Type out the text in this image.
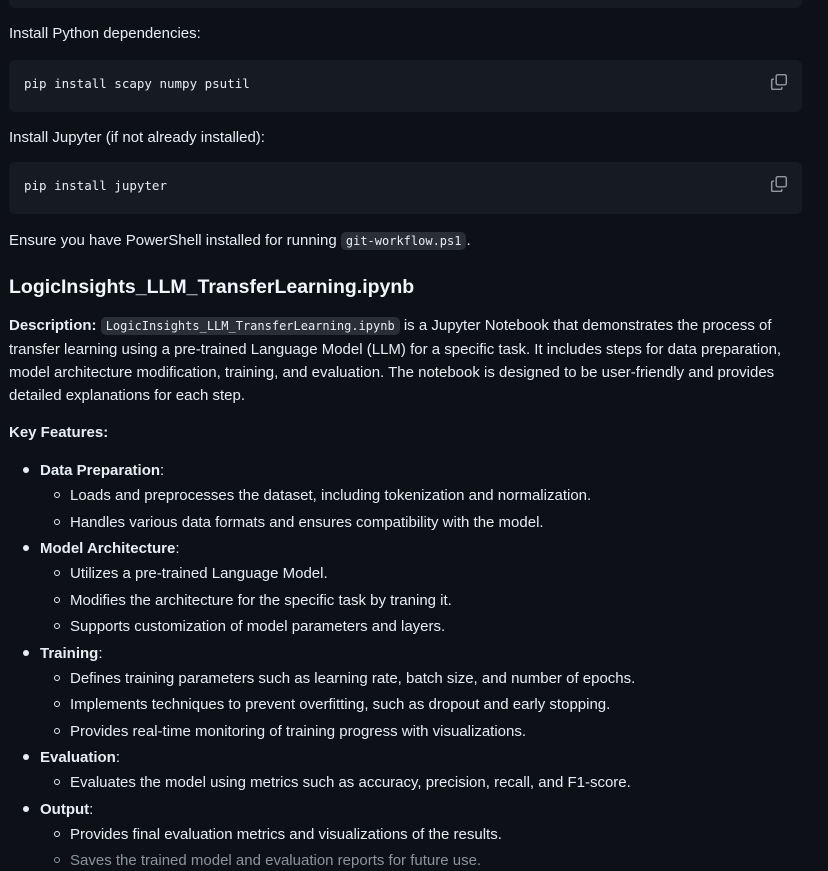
Install Python dependencies:

pip install scapy numpy psutil

Install Jupyter (if not already installed):

pip install jupyter

Ensure you have PowerShell installed for running git-workflow.ps1 .

LogicInsights_LLM_TransferLearning.ipynb

Description: LogicInsights_LLM_TransferLearning.ipynb is a Jupyter Notebook that demonstrates the process of transfer learning using a pre-trained Language Model (LLM) for a specific task. It includes steps for data preparation, model architecture modification, training, and evaluation. The notebook is designed to be user-friendly and provides detailed explanations for each step.

Key Features:

Data Preparation:
Loads and preprocesses the dataset, including tokenization and normalization.
Handles various data formats and ensures compatibility with the model.
Model Architecture:
Utilizes a pre-trained Language Model.
Modifies the architecture for the specific task by traning it.
Supports customization of model parameters and layers.
Training:
Defines training parameters such as learning rate, batch size, and number of epochs.
Implements techniques to prevent overfitting, such as dropout and early stopping.
Provides real-time monitoring of training progress with visualizations.
Evaluation:
Evaluates the model using metrics such as accuracy, precision, recall, and F1-score.
Output:
Provides final evaluation metrics and visualizations of the results.
Saves the trained model and evaluation reports for future use.
